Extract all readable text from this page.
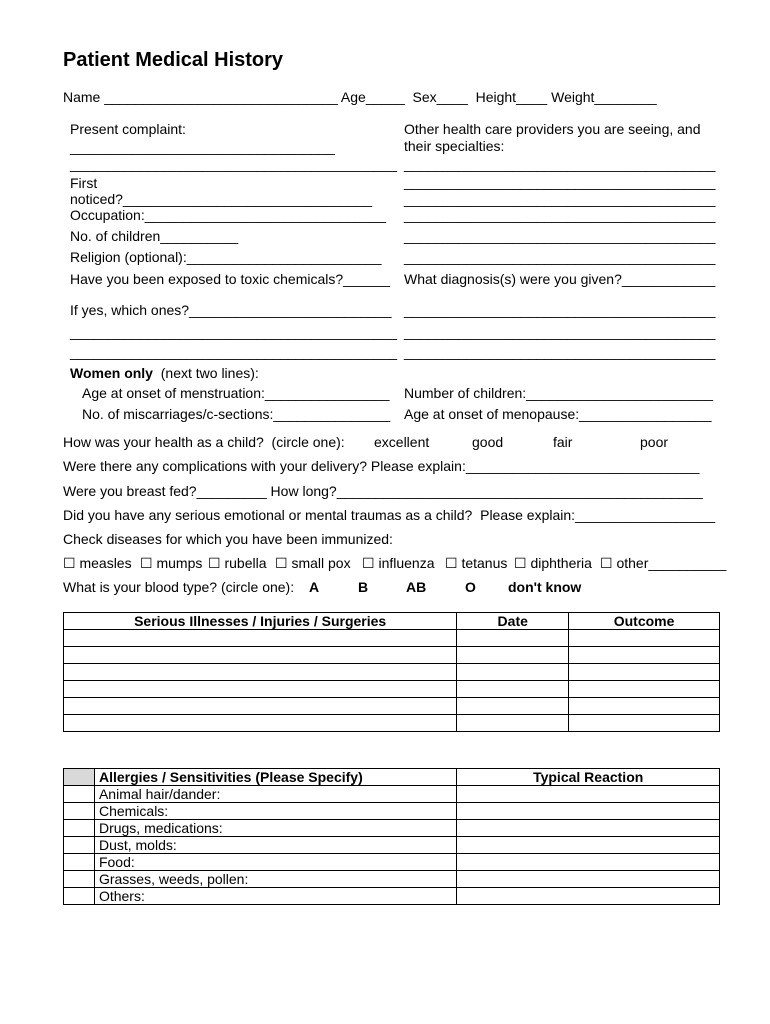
Patient Medical History
Name ______________________________ Age_____  Sex____  Height____ Weight________
Present complaint:
__________________________________
__________________________________________
First
noticed?________________________________
Occupation:_______________________________
No. of children__________
Religion (optional):_________________________
Have you been exposed to toxic chemicals?______
If yes, which ones?__________________________
__________________________________________
__________________________________________
Women only (next two lines):
Age at onset of menstruation:________________
No. of miscarriages/c-sections:_______________
Other health care providers you are seeing, and
their specialties:
________________________________________
________________________________________
________________________________________
________________________________________
________________________________________
________________________________________
What diagnosis(s) were you given?____________
________________________________________
________________________________________
________________________________________
Number of children:________________________
Age at onset of menopause:_________________
How was your health as a child?  (circle one): excellent	good	fair	poor
Were there any complications with your delivery? Please explain:______________________________
Were you breast fed?_________ How long?_______________________________________________
Did you have any serious emotional or mental traumas as a child?  Please explain:__________________
Check diseases for which you have been immunized:
☐ measles ☐ mumps ☐ rubella ☐ small pox ☐ influenza ☐ tetanus ☐ diphtheria ☐ other__________
What is your blood type? (circle one): A	B	AB	O don't know
Serious Illnesses / Injuries / Surgeries	Date	Outcome

	Allergies / Sensitivities (Please Specify)	Typical Reaction
	Animal hair/dander:	
	Chemicals:	
	Drugs, medications:	
	Dust, molds:	
	Food:	
	Grasses, weeds, pollen:	
	Others:	
